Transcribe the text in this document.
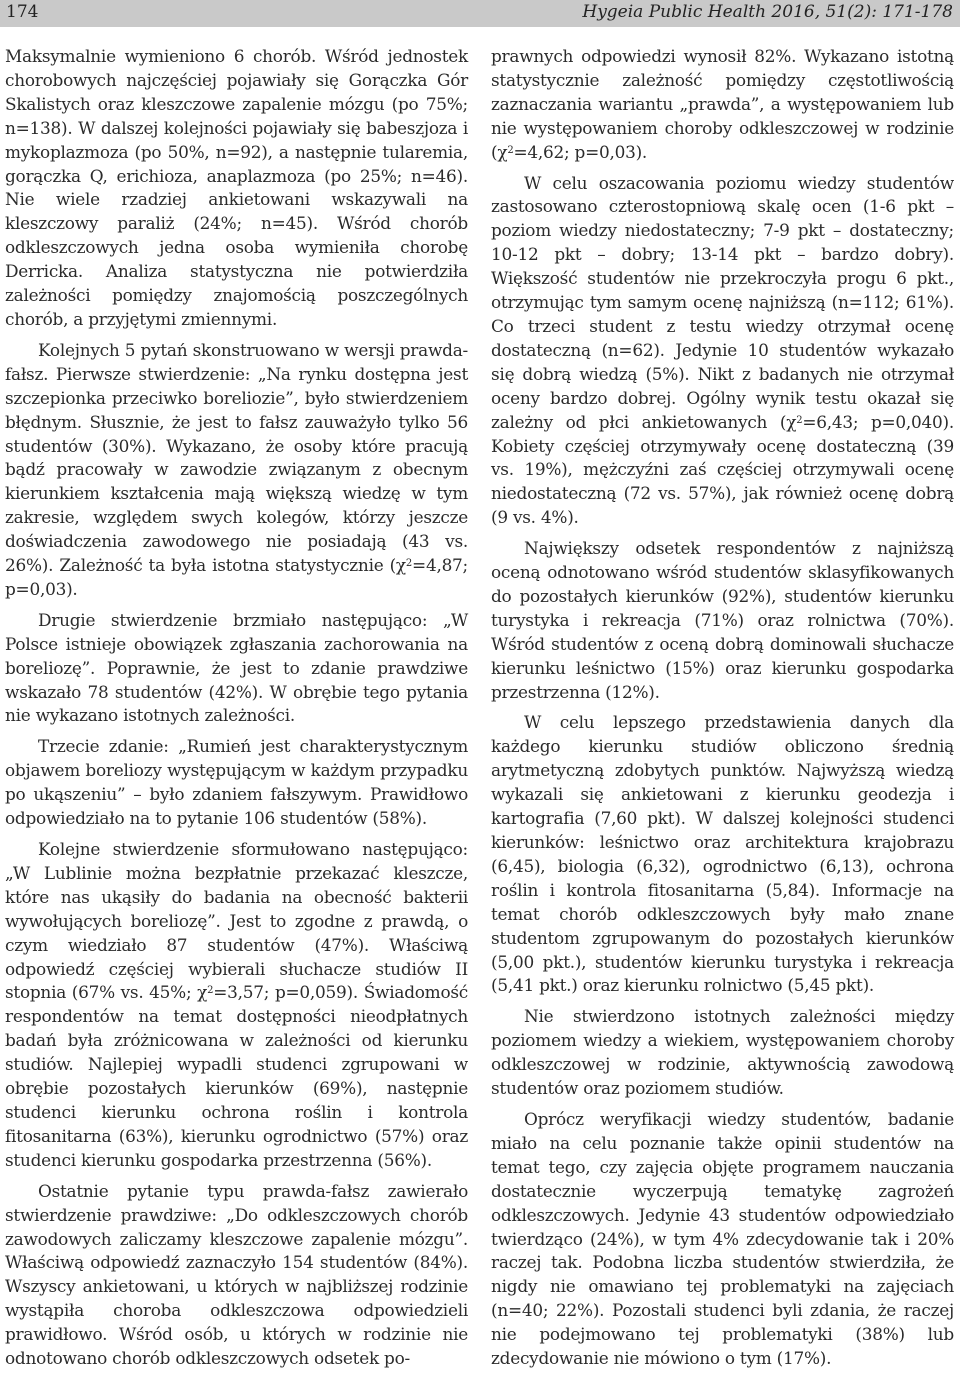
174	Hygeia Public Health 2016, 51(2): 171-178

Maksymalnie wymieniono 6 chorób. Wśród jednostek chorobowych najczęściej pojawiały się Gorączka Gór Skalistych oraz kleszczowe zapalenie mózgu (po 75%; n=138). W dalszej kolejności pojawiały się babeszjoza i mykoplazmoza (po 50%, n=92), a następnie tularemia, gorączka Q, erichioza, anaplazmoza (po 25%; n=46). Nie wiele rzadziej ankietowani wskazywali na kleszczowy paraliż (24%; n=45). Wśród chorób odkleszczowych jedna osoba wymieniła chorobę Derricka. Analiza statystyczna nie potwierdziła zależności pomiędzy znajomością poszczególnych chorób, a przyjętymi zmiennymi.

Kolejnych 5 pytań skonstruowano w wersji prawda-fałsz. Pierwsze stwierdzenie: „Na rynku dostępna jest szczepionka przeciwko boreliozie”, było stwierdzeniem błędnym. Słusznie, że jest to fałsz zauważyło tylko 56 studentów (30%). Wykazano, że osoby które pracują bądź pracowały w zawodzie związanym z obecnym kierunkiem kształcenia mają większą wiedzę w tym zakresie, względem swych kolegów, którzy jeszcze doświadczenia zawodowego nie posiadają (43 vs. 26%). Zależność ta była istotna statystycznie ($\chi^2=4,87$; p=0,03).

Drugie stwierdzenie brzmiało następująco: „W Polsce istnieje obowiązek zgłaszania zachorowania na boreliozę”. Poprawnie, że jest to zdanie prawdziwe wskazało 78 studentów (42%). W obrębie tego pytania nie wykazano istotnych zależności.

Trzecie zdanie: „Rumień jest charakterystycznym objawem boreliozy występującym w każdym przypadku po ukąszeniu” – było zdaniem fałszywym. Prawidłowo odpowiedziało na to pytanie 106 studentów (58%).

Kolejne stwierdzenie sformułowano następująco: „W Lublinie można bezpłatnie przekazać kleszcze, które nas ukąsiły do badania na obecność bakterii wywołujących boreliozę”. Jest to zgodne z prawdą, o czym wiedziało 87 studentów (47%). Właściwą odpowiedź częściej wybierali słuchacze studiów II stopnia (67% vs. 45%; $\chi^2=3,57$; p=0,059). Świadomość respondentów na temat dostępności nieodpłatnych badań była zróżnicowana w zależności od kierunku studiów. Najlepiej wypadli studenci zgrupowani w obrębie pozostałych kierunków (69%), następnie studenci kierunku ochrona roślin i kontrola fitosanitarna (63%), kierunku ogrodnictwo (57%) oraz studenci kierunku gospodarka przestrzenna (56%).

Ostatnie pytanie typu prawda-fałsz zawierało stwierdzenie prawdziwe: „Do odkleszczowych chorób zawodowych zaliczamy kleszczowe zapalenie mózgu”. Właściwą odpowiedź zaznaczyło 154 studentów (84%). Wszyscy ankietowani, u których w najbliższej rodzinie wystąpiła choroba odkleszczowa odpowiedzieli prawidłowo. Wśród osób, u których w rodzinie nie odnotowano chorób odkleszczowych odsetek po-

prawnych odpowiedzi wynosił 82%. Wykazano istotną statystycznie zależność pomiędzy częstotliwością zaznaczania wariantu „prawda”, a występowaniem lub nie występowaniem choroby odkleszczowej w rodzinie ($\chi^2=4,62$; p=0,03).

W celu oszacowania poziomu wiedzy studentów zastosowano czterostopniową skalę ocen (1-6 pkt – poziom wiedzy niedostateczny; 7-9 pkt – dostateczny; 10-12 pkt – dobry; 13-14 pkt – bardzo dobry). Większość studentów nie przekroczyła progu 6 pkt., otrzymując tym samym ocenę najniższą (n=112; 61%). Co trzeci student z testu wiedzy otrzymał ocenę dostateczną (n=62). Jedynie 10 studentów wykazało się dobrą wiedzą (5%). Nikt z badanych nie otrzymał oceny bardzo dobrej. Ogólny wynik testu okazał się zależny od płci ankietowanych ($\chi^2=6,43$; p=0,040). Kobiety częściej otrzymywały ocenę dostateczną (39 vs. 19%), mężczyźni zaś częściej otrzymywali ocenę niedostateczną (72 vs. 57%), jak również ocenę dobrą (9 vs. 4%).

Największy odsetek respondentów z najniższą oceną odnotowano wśród studentów sklasyfikowanych do pozostałych kierunków (92%), studentów kierunku turystyka i rekreacja (71%) oraz rolnictwa (70%). Wśród studentów z oceną dobrą dominowali słuchacze kierunku leśnictwo (15%) oraz kierunku gospodarka przestrzenna (12%).

W celu lepszego przedstawienia danych dla każdego kierunku studiów obliczono średnią arytmetyczną zdobytych punktów. Najwyższą wiedzą wykazali się ankietowani z kierunku geodezja i kartografia (7,60 pkt). W dalszej kolejności studenci kierunków: leśnictwo oraz architektura krajobrazu (6,45), biologia (6,32), ogrodnictwo (6,13), ochrona roślin i kontrola fitosanitarna (5,84). Informacje na temat chorób odkleszczowych były mało znane studentom zgrupowanym do pozostałych kierunków (5,00 pkt.), studentów kierunku turystyka i rekreacja (5,41 pkt.) oraz kierunku rolnictwo (5,45 pkt).

Nie stwierdzono istotnych zależności między poziomem wiedzy a wiekiem, występowaniem choroby odkleszczowej w rodzinie, aktywnością zawodową studentów oraz poziomem studiów.

Oprócz weryfikacji wiedzy studentów, badanie miało na celu poznanie także opinii studentów na temat tego, czy zajęcia objęte programem nauczania dostatecznie wyczerpują tematykę zagrożeń odkleszczowych. Jedynie 43 studentów odpowiedziało twierdząco (24%), w tym 4% zdecydowanie tak i 20% raczej tak. Podobna liczba studentów stwierdziła, że nigdy nie omawiano tej problematyki na zajęciach (n=40; 22%). Pozostali studenci byli zdania, że raczej nie podejmowano tej problematyki (38%) lub zdecydowanie nie mówiono o tym (17%).
